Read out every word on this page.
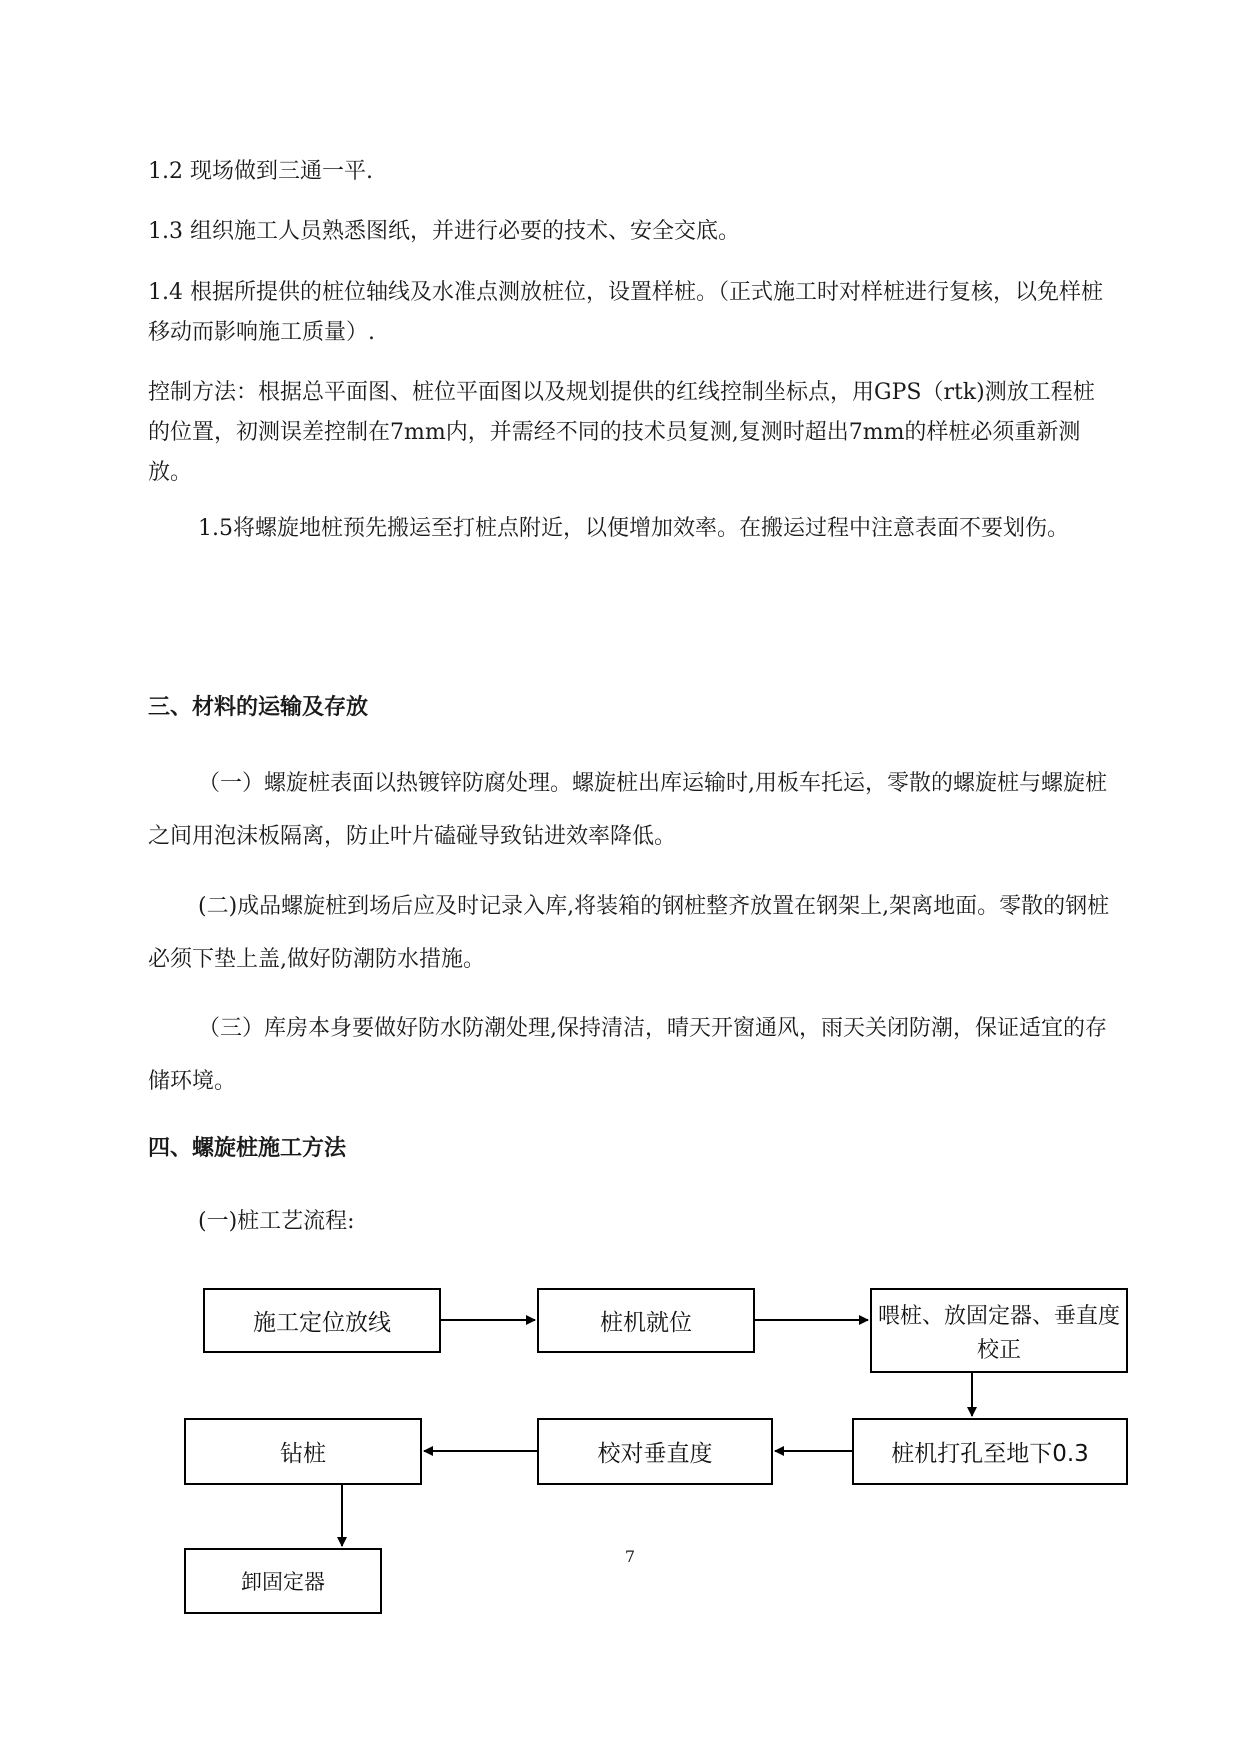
1.2 现场做到三通一平.

1.3 组织施工人员熟悉图纸，并进行必要的技术、安全交底。

1.4 根据所提供的桩位轴线及水准点测放桩位，设置样桩。（正式施工时对样桩进行复核，以免样桩移动而影响施工质量）.

控制方法：根据总平面图、桩位平面图以及规划提供的红线控制坐标点，用GPS（rtk)测放工程桩的位置，初测误差控制在7mm内，并需经不同的技术员复测,复测时超出7mm的样桩必须重新测放。

1.5将螺旋地桩预先搬运至打桩点附近，以便增加效率。在搬运过程中注意表面不要划伤。

三、材料的运输及存放

（一）螺旋桩表面以热镀锌防腐处理。螺旋桩出库运输时,用板车托运，零散的螺旋桩与螺旋桩之间用泡沫板隔离，防止叶片磕碰导致钻进效率降低。

(二)成品螺旋桩到场后应及时记录入库,将装箱的钢桩整齐放置在钢架上,架离地面。零散的钢桩必须下垫上盖,做好防潮防水措施。

（三）库房本身要做好防水防潮处理,保持清洁，晴天开窗通风，雨天关闭防潮，保证适宜的存储环境。

四、螺旋桩施工方法

(一)桩工艺流程:

施工定位放线	桩机就位	喂桩、放固定器、垂直度校正
桩机打孔至地下0.3
校对垂直度
钻桩
卸固定器
7
